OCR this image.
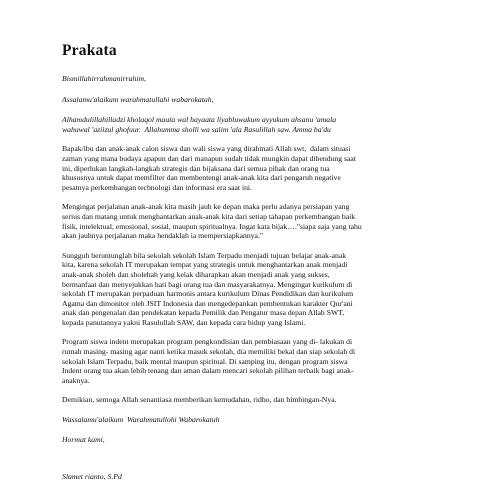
Prakata

Bismillahirrahmanirrahim,

Assalamu'alaikum warahmatullahi wabarokatuh,

Alhamdulillahilladzi kholaqol mauta wal hayaata liyabluwakum ayyukum ahsanu 'amala
wahuwal 'aziizul ghofuur.  Allahumma sholli wa salim 'ala Rasulillah saw. Amma ba'du

Bapak/ibu dan anak-anak calon siswa dan wali siswa yang dirahmati Allah swt,  dalam situasi
zaman yang mana budaya apapun dan dari manapun sudah tidak mungkin dapat dibendung saat
ini, diperlukan langkah-langkah strategis dan bijaksana dari semua pihak dan orang tua
khususnya untuk dapat memfilter dan membentengi anak-anak kita dari pengaruh negative
pesatnya perkembangan technologi dan informasi era saat ini.

Mengingat perjalanan anak-anak kita masih jauh ke depan maka perlu adanya persiapan yang
serius dan matang untuk menghantarkan anak-anak kita dari setiap tahapan perkembangan baik
fisik, intelektual, emosional, sosial, maupun spiritualnya. Ingat kata bijak…."siapa saja yang tahu
akan jauhnya perjalanan maka hendaklah ia mempersiapkannya."

Sungguh beruntunglah bila sekolah sekolah Islam Terpadu menjadi tujuan belajar anak-anak
kita, karena sekolah IT merupakan tempat yang strategis untuk menghantarkan anak menjadi
anak-anak sholeh dan sholehah yang kelak diharapkan akan menjadi anak yang sukses,
bermanfaat dan menyejukkan hati bagi orang tua dan masyarakatnya. Mengingat kurikulum di
sekolah IT merupakan perpaduan harmonis antara kurikulum Dinas Pendidikan dan kurikulum
Agama dan dimonitor oleh JSIT Indonesia dan mengedepankan pembentukan karakter Qur'ani
anak dan pengenalan dan pendekatan kepada Pemilik dan Pengatur masa depan Allah SWT,
kepada panutannya yakni Rasulullah SAW, dan kepada cara hidup yang Islami.

Program siswa indent merupakan program pengkondisian dan pembiasaan yang di- lakukan di
rumah masing- masing agar nanti ketika masuk sekolah, dia memiliki bekal dan siap sekolah di
sekolah Islam Terpadu, baik mental maupun spiritual. Di samping itu, dengan program siswa
Indent orang tua akan lebih tenang dan aman dalam mencari sekolah pilihan terbaik bagi anak-
anaknya.

Demikian, semoga Allah senantiasa memberikan kemudahan, ridho, dan bimbingan-Nya.

Wassalamu'alaikum  Warahmatullohi Wabarokatuh

Hormat kami,

Slamet rianto, S.Pd
